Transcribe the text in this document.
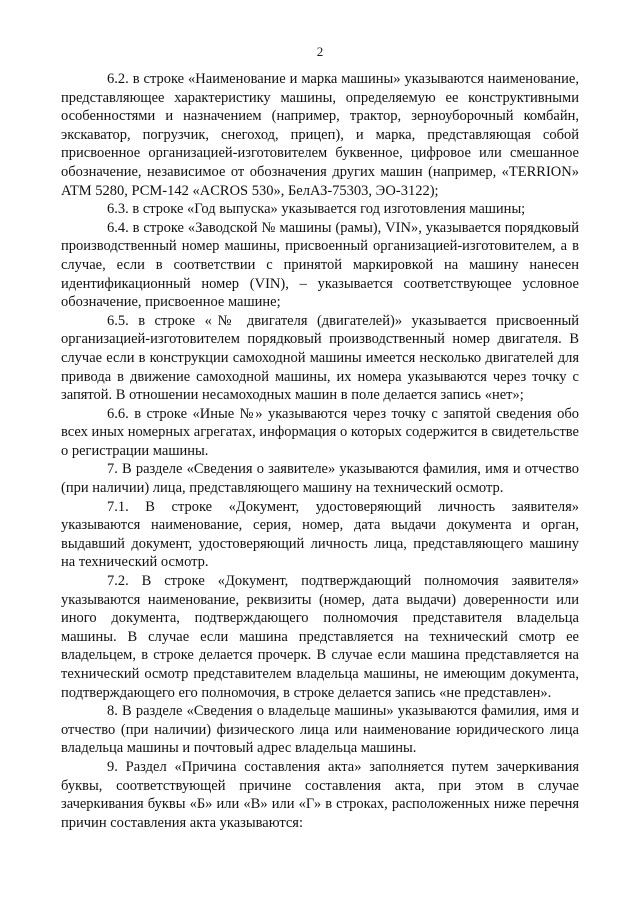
2

6.2. в строке «Наименование и марка машины» указываются наименование, представляющее характеристику машины, определяемую ее конструктивными особенностями и назначением (например, трактор, зерноуборочный комбайн, экскаватор, погрузчик, снегоход, прицеп), и марка, представляющая собой присвоенное организацией-изготовителем буквенное, цифровое или смешанное обозначение, независимое от обозначения других машин (например, «TERRION» ATM 5280, РСМ-142 «ACROS 530», БелАЗ-75303, ЭО-3122);

6.3. в строке «Год выпуска» указывается год изготовления машины;

6.4. в строке «Заводской № машины (рамы), VIN», указывается порядковый производственный номер машины, присвоенный организацией-изготовителем, а в случае, если в соответствии с принятой маркировкой на машину нанесен идентификационный номер (VIN), – указывается соответствующее условное обозначение, присвоенное машине;

6.5. в строке «№ двигателя (двигателей)» указывается присвоенный организацией-изготовителем порядковый производственный номер двигателя. В случае если в конструкции самоходной машины имеется несколько двигателей для привода в движение самоходной машины, их номера указываются через точку с запятой. В отношении несамоходных машин в поле делается запись «нет»;

6.6. в строке «Иные №» указываются через точку с запятой сведения обо всех иных номерных агрегатах, информация о которых содержится в свидетельстве о регистрации машины.

7. В разделе «Сведения о заявителе» указываются фамилия, имя и отчество (при наличии) лица, представляющего машину на технический осмотр.

7.1. В строке «Документ, удостоверяющий личность заявителя» указываются наименование, серия, номер, дата выдачи документа и орган, выдавший документ, удостоверяющий личность лица, представляющего машину на технический осмотр.

7.2. В строке «Документ, подтверждающий полномочия заявителя» указываются наименование, реквизиты (номер, дата выдачи) доверенности или иного документа, подтверждающего полномочия представителя владельца машины. В случае если машина представляется на технический смотр ее владельцем, в строке делается прочерк. В случае если машина представляется на технический осмотр представителем владельца машины, не имеющим документа, подтверждающего его полномочия, в строке делается запись «не представлен».

8. В разделе «Сведения о владельце машины» указываются фамилия, имя и отчество (при наличии) физического лица или наименование юридического лица владельца машины и почтовый адрес владельца машины.

9. Раздел «Причина составления акта» заполняется путем зачеркивания буквы, соответствующей причине составления акта, при этом в случае зачеркивания буквы «Б» или «В» или «Г» в строках, расположенных ниже перечня причин составления акта указываются:
